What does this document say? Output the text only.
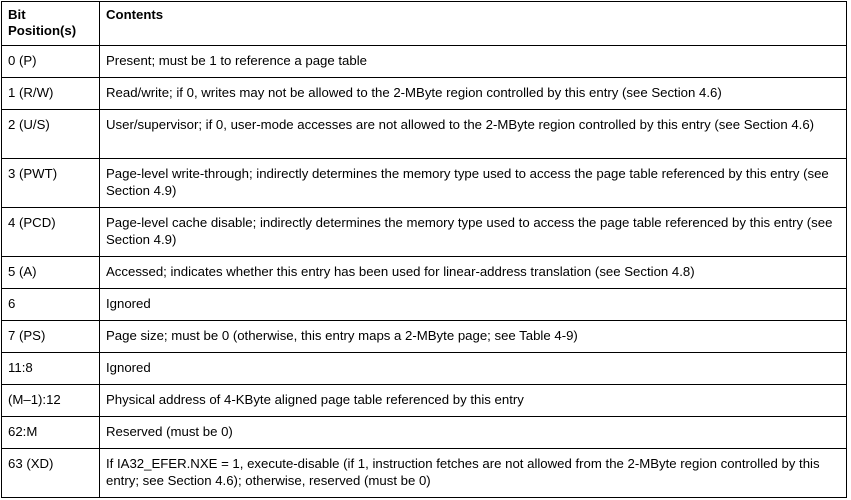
Bit
Position(s)	Contents
0 (P)	Present; must be 1 to reference a page table
1 (R/W)	Read/write; if 0, writes may not be allowed to the 2-MByte region controlled by this entry (see Section 4.6)
2 (U/S)	User/supervisor; if 0, user-mode accesses are not allowed to the 2-MByte region controlled by this entry (see Section 4.6)
3 (PWT)	Page-level write-through; indirectly determines the memory type used to access the page table referenced by this entry (see Section 4.9)
4 (PCD)	Page-level cache disable; indirectly determines the memory type used to access the page table referenced by this entry (see Section 4.9)
5 (A)	Accessed; indicates whether this entry has been used for linear-address translation (see Section 4.8)
6	Ignored
7 (PS)	Page size; must be 0 (otherwise, this entry maps a 2-MByte page; see Table 4-9)
11:8	Ignored
(M–1):12	Physical address of 4-KByte aligned page table referenced by this entry
62:M	Reserved (must be 0)
63 (XD)	If IA32_EFER.NXE = 1, execute-disable (if 1, instruction fetches are not allowed from the 2-MByte region controlled by this entry; see Section 4.6); otherwise, reserved (must be 0)
